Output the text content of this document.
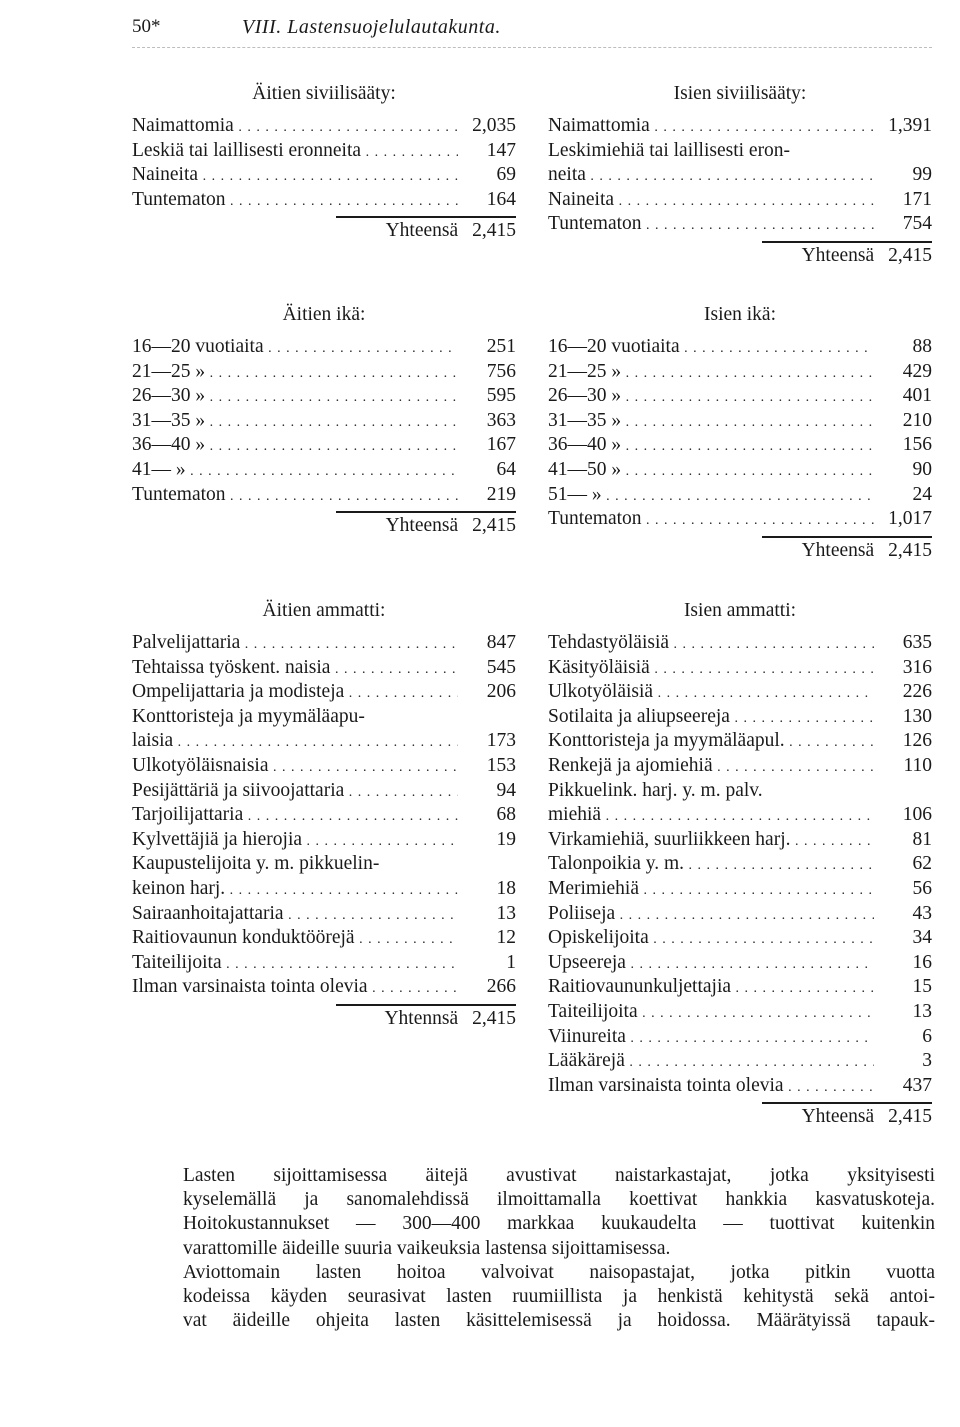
50*	VIII. Lastensuojelulautakunta.
Äitien siviilisääty:
Naimattomia . . .	2,035
Leskiä tai laillisesti eronneita . . .	147
Naineita . . .	69
Tuntematon . . .	164
Yhteensä 2,415
Isien siviilisääty:
Naimattomia . . .	1,391
Leskimiehiä tai laillisesti eron-
neita . . .	99
Naineita . . .	171
Tuntematon . . .	754
Yhteensä 2,415
Äitien ikä:
16—20 vuotiaita . . .	251
21—25 » . . .	756
26—30 » . . .	595
31—35 » . . .	363
36—40 » . . .	167
41— » . . .	64
Tuntematon . . .	219
Yhteensä 2,415
Isien ikä:
16—20 vuotiaita . . .	88
21—25 » . . .	429
26—30 » . . .	401
31—35 » . . .	210
36—40 » . . .	156
41—50 » . . .	90
51— » . . .	24
Tuntematon . . .	1,017
Yhteensä 2,415
Äitien ammatti:
Palvelijattaria . . .	847
Tehtaissa työskent. naisia . . .	545
Ompelijattaria ja modisteja . . .	206
Konttoristeja ja myymäläapu-
laisia . . .	173
Ulkotyöläisnaisia . . .	153
Pesijättäriä ja siivoojattaria . . .	94
Tarjoilijattaria . . .	68
Kylvettäjiä ja hierojia . . .	19
Kaupustelijoita y. m. pikkuelin-
keinon harj. . . .	18
Sairaanhoitajattaria . . .	13
Raitiovaunun konduktöörejä . . .	12
Taiteilijoita . . .	1
Ilman varsinaista tointa olevia . . .	266
Yhtennsä 2,415
Isien ammatti:
Tehdastyöläisiä . . .	635
Käsityöläisiä . . .	316
Ulkotyöläisiä . . .	226
Sotilaita ja aliupseereja . . .	130
Konttoristeja ja myymäläapul. . . .	126
Renkejä ja ajomiehiä . . .	110
Pikkuelink. harj. y. m. palv.
miehiä . . .	106
Virkamiehiä, suurliikkeen harj. . . .	81
Talonpoikia y. m. . . .	62
Merimiehiä . . .	56
Poliiseja . . .	43
Opiskelijoita . . .	34
Upseereja . . .	16
Raitiovaununkuljettajia . . .	15
Taiteilijoita . . .	13
Viinureita . . .	6
Lääkärejä . . .	3
Ilman varsinaista tointa olevia . . .	437
Yhteensä 2,415

Lasten sijoittamisessa äitejä avustivat naistarkastajat, jotka yksityisesti
kyselemällä ja sanomalehdissä ilmoittamalla koettivat hankkia kasvatuskoteja.
Hoitokustannukset — 300—400 markkaa kuukaudelta — tuottivat kuitenkin
varattomille äideille suuria vaikeuksia lastensa sijoittamisessa.

Aviottomain lasten hoitoa valvoivat naisopastajat, jotka pitkin vuotta
kodeissa käyden seurasivat lasten ruumiillista ja henkistä kehitystä sekä antoi-
vat äideille ohjeita lasten käsittelemisessä ja hoidossa. Määrätyissä tapauk-
